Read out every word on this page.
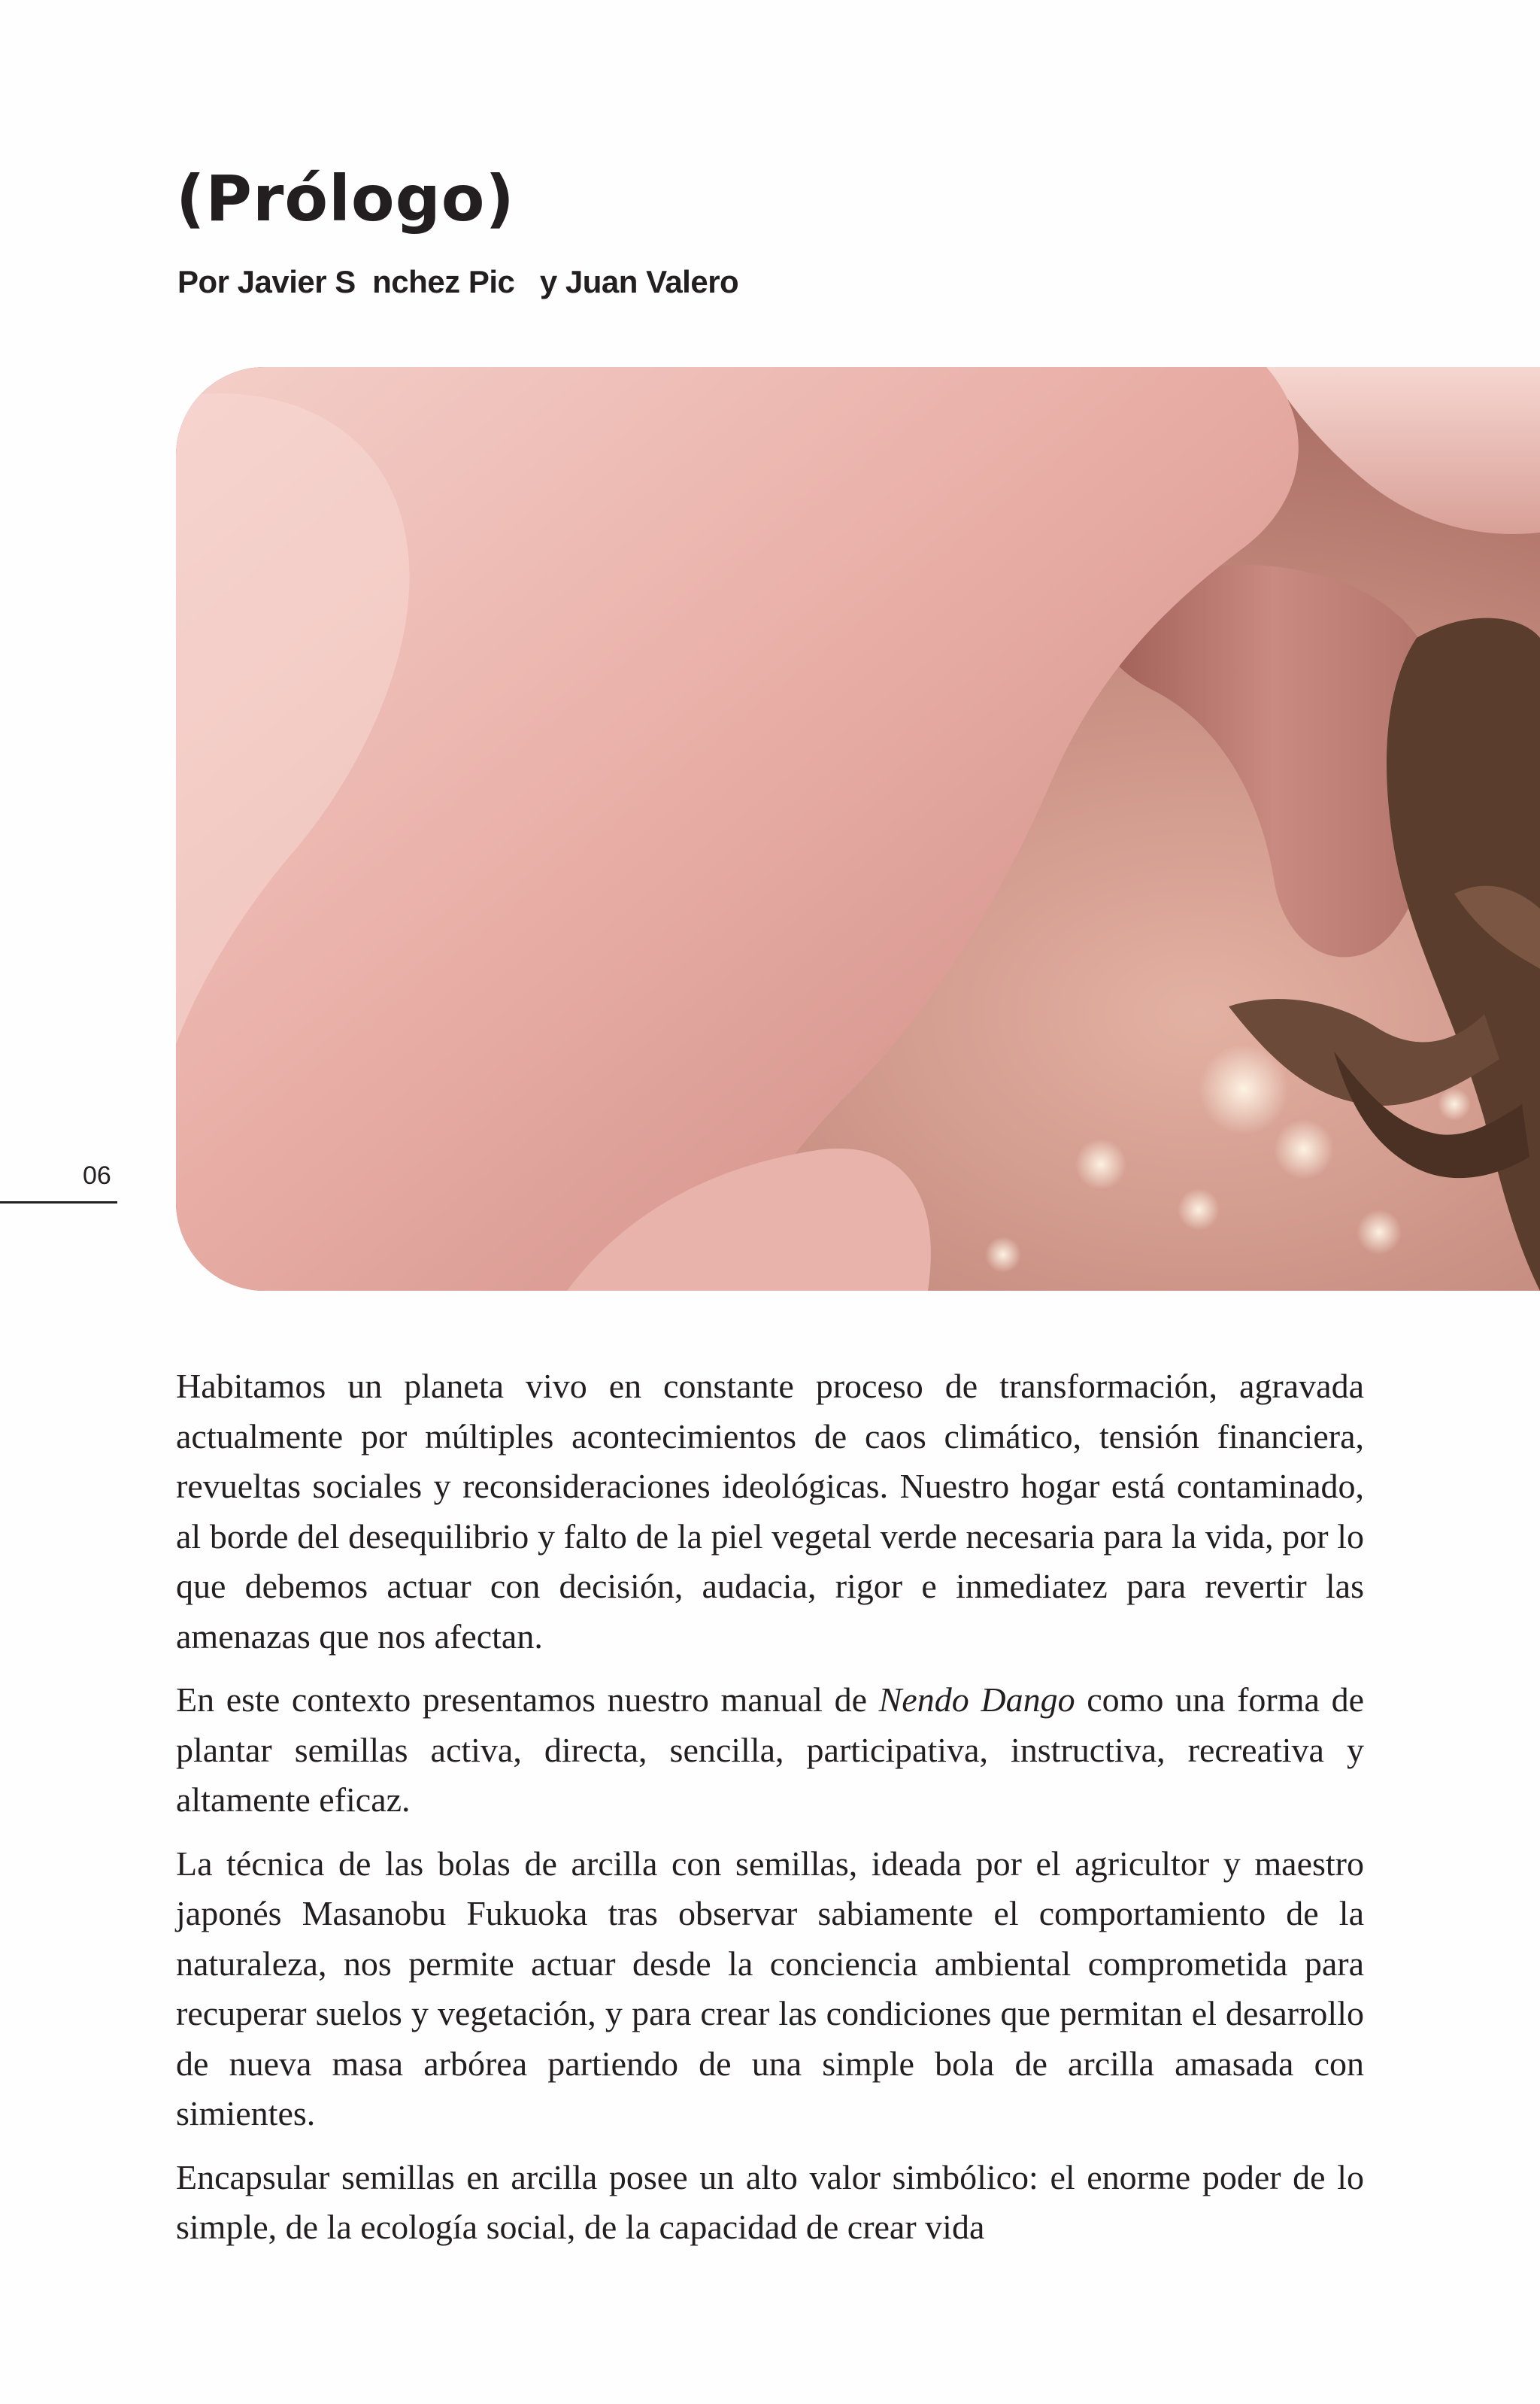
(Prólogo)
Por Javier S  nchez Pic   y Juan Valero
06

Habitamos un planeta vivo en constante proceso de transformación, agravada actualmente por múltiples acontecimientos de caos climático, tensión financiera, revueltas sociales y reconsideraciones ideológicas. Nuestro hogar está contaminado, al borde del desequilibrio y falto de la piel vegetal verde necesaria para la vida, por lo que debemos actuar con decisión, audacia, rigor e inmediatez para revertir las amenazas que nos afectan.

En este contexto presentamos nuestro manual de Nendo Dango como una forma de plantar semillas activa, directa, sencilla, participativa, instructiva, recreativa y altamente eficaz.

La técnica de las bolas de arcilla con semillas, ideada por el agricultor y maestro japonés Masanobu Fukuoka tras observar sabiamente el comportamiento de la naturaleza, nos permite actuar desde la conciencia ambiental comprometida para recuperar suelos y vegetación, y para crear las condiciones que permitan el desarrollo de nueva masa arbórea partiendo de una simple bola de arcilla amasada con simientes.

Encapsular semillas en arcilla posee un alto valor simbólico: el enorme poder de lo simple, de la ecología social, de la capacidad de crear vida
